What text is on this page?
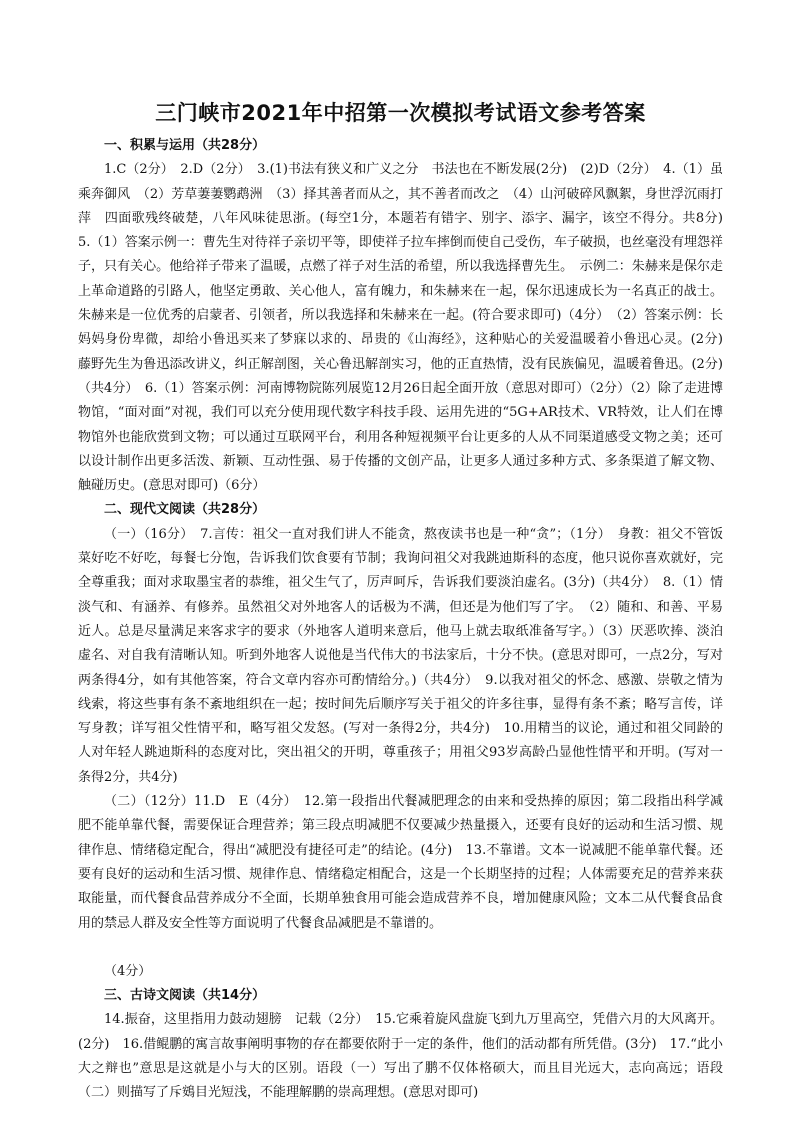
三门峡市2021年中招第一次模拟考试语文参考答案

一、积累与运用（共28分）

1.C（2分）　2.D（2分）　3.(1)书法有狭义和广义之分　书法也在不断发展(2分)　(2)D（2分）　4.（1）虽乘奔御风　（2）芳草萋萋鹦鹉洲　（3）择其善者而从之，其不善者而改之　（4）山河破碎风飘絮，身世浮沉雨打萍　四面歌残终破楚，八年风味徒思浙。(每空1分，本题若有错字、别字、添字、漏字，该空不得分。共8分)　5.（1）答案示例一：曹先生对待祥子亲切平等，即使祥子拉车摔倒而使自己受伤，车子破损，也丝毫没有埋怨祥子，只有关心。他给祥子带来了温暖，点燃了祥子对生活的希望，所以我选择曹先生。　示例二：朱赫来是保尔走上革命道路的引路人，他坚定勇敢、关心他人，富有魄力，和朱赫来在一起，保尔迅速成长为一名真正的战士。朱赫来是一位优秀的启蒙者、引领者，所以我选择和朱赫来在一起。(符合要求即可)（4分）　（2）答案示例：长妈妈身份卑微，却给小鲁迅买来了梦寐以求的、昂贵的《山海经》，这种贴心的关爱温暖着小鲁迅心灵。(2分)　藤野先生为鲁迅添改讲义，纠正解剖图，关心鲁迅解剖实习，他的正直热情，没有民族偏见，温暖着鲁迅。(2分)（共4分）　6.（1）答案示例：河南博物院陈列展览12月26日起全面开放（意思对即可）（2分）（2）除了走进博物馆，“面对面”对视，我们可以充分使用现代数字科技手段、运用先进的“5G+AR技术、VR特效，让人们在博物馆外也能欣赏到文物；可以通过互联网平台，利用各种短视频平台让更多的人从不同渠道感受文物之美；还可以设计制作出更多活泼、新颖、互动性强、易于传播的文创产品，让更多人通过多种方式、多条渠道了解文物、触碰历史。(意思对即可)（6分）

二、现代文阅读（共28分）

（一）（16分）　7.言传：祖父一直对我们讲人不能贪，熬夜读书也是一种“贪”；（1分）　身教：祖父不管饭菜好吃不好吃，每餐七分饱，告诉我们饮食要有节制；我询问祖父对我跳迪斯科的态度，他只说你喜欢就好，完全尊重我；面对求取墨宝者的恭维，祖父生气了，厉声呵斥，告诉我们要淡泊虚名。(3分)（共4分）　8.（1）情淡气和、有涵养、有修养。虽然祖父对外地客人的话极为不满，但还是为他们写了字。　（2）随和、和善、平易近人。总是尽量满足来客求字的要求（外地客人道明来意后，他马上就去取纸准备写字。）（3）厌恶吹捧、淡泊虚名、对自我有清晰认知。听到外地客人说他是当代伟大的书法家后，十分不快。(意思对即可，一点2分，写对两条得4分，如有其他答案，符合文章内容亦可酌情给分。)（共4分）　9.以我对祖父的怀念、感激、崇敬之情为线索，将这些事有条不紊地组织在一起；按时间先后顺序写关于祖父的许多往事，显得有条不紊；略写言传，详写身教；详写祖父性情平和，略写祖父发怒。(写对一条得2分，共4分)　10.用精当的议论，通过和祖父同龄的人对年轻人跳迪斯科的态度对比，突出祖父的开明，尊重孩子；用祖父93岁高龄凸显他性情平和开明。(写对一条得2分，共4分)

（二）（12分）11.D　E（4分）　12.第一段指出代餐减肥理念的由来和受热捧的原因；第二段指出科学减肥不能单靠代餐，需要保证合理营养；第三段点明减肥不仅要减少热量摄入，还要有良好的运动和生活习惯、规律作息、情绪稳定配合，得出“减肥没有捷径可走”的结论。(4分)　13.不靠谱。文本一说减肥不能单靠代餐。还要有良好的运动和生活习惯、规律作息、情绪稳定相配合，这是一个长期坚持的过程；人体需要充足的营养来获取能量，而代餐食品营养成分不全面，长期单独食用可能会造成营养不良，增加健康风险；文本二从代餐食品食用的禁忌人群及安全性等方面说明了代餐食品减肥是不靠谱的。

（4分）

三、古诗文阅读（共14分）

14.振奋，这里指用力鼓动翅膀　记载（2分）　15.它乘着旋风盘旋飞到九万里高空，凭借六月的大风离开。(2分)　16.借鲲鹏的寓言故事阐明事物的存在都要依附于一定的条件，他们的活动都有所凭借。(3分)　17.“此小大之辩也”意思是这就是小与大的区别。语段（一）写出了鹏不仅体格硕大，而且目光远大，志向高远；语段（二）则描写了斥鴳目光短浅，不能理解鹏的崇高理想。(意思对即可)
